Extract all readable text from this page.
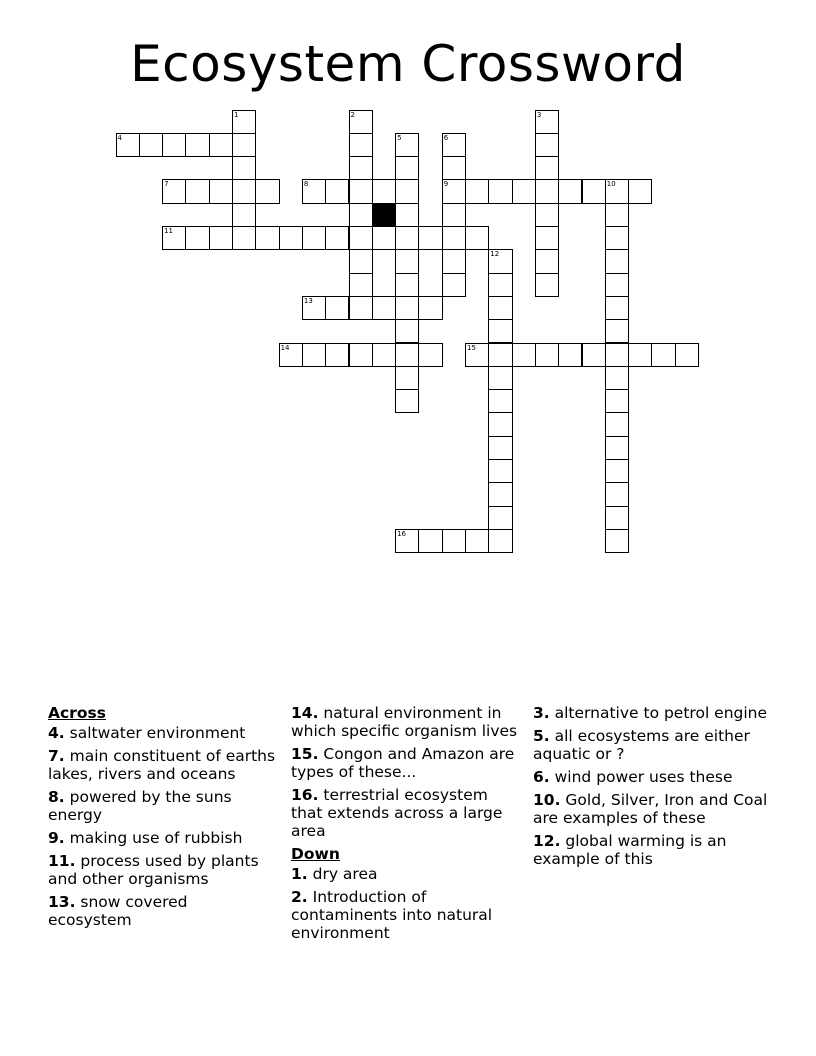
Ecosystem Crossword
4
7	8	9	10
11
13
14	15
16
1	2	3
5	6
12
Across
4. saltwater environment
7. main constituent of earths lakes, rivers and oceans
8. powered by the suns energy
9. making use of rubbish
11. process used by plants and other organisms
13. snow covered ecosystem
14. natural environment in which specific organism lives
15. Congon and Amazon are types of these...
16. terrestrial ecosystem that extends across a large area
Down
1. dry area
2. Introduction of contaminents into natural environment
3. alternative to petrol engine
5. all ecosystems are either aquatic or ?
6. wind power uses these
10. Gold, Silver, Iron and Coal are examples of these
12. global warming is an example of this
